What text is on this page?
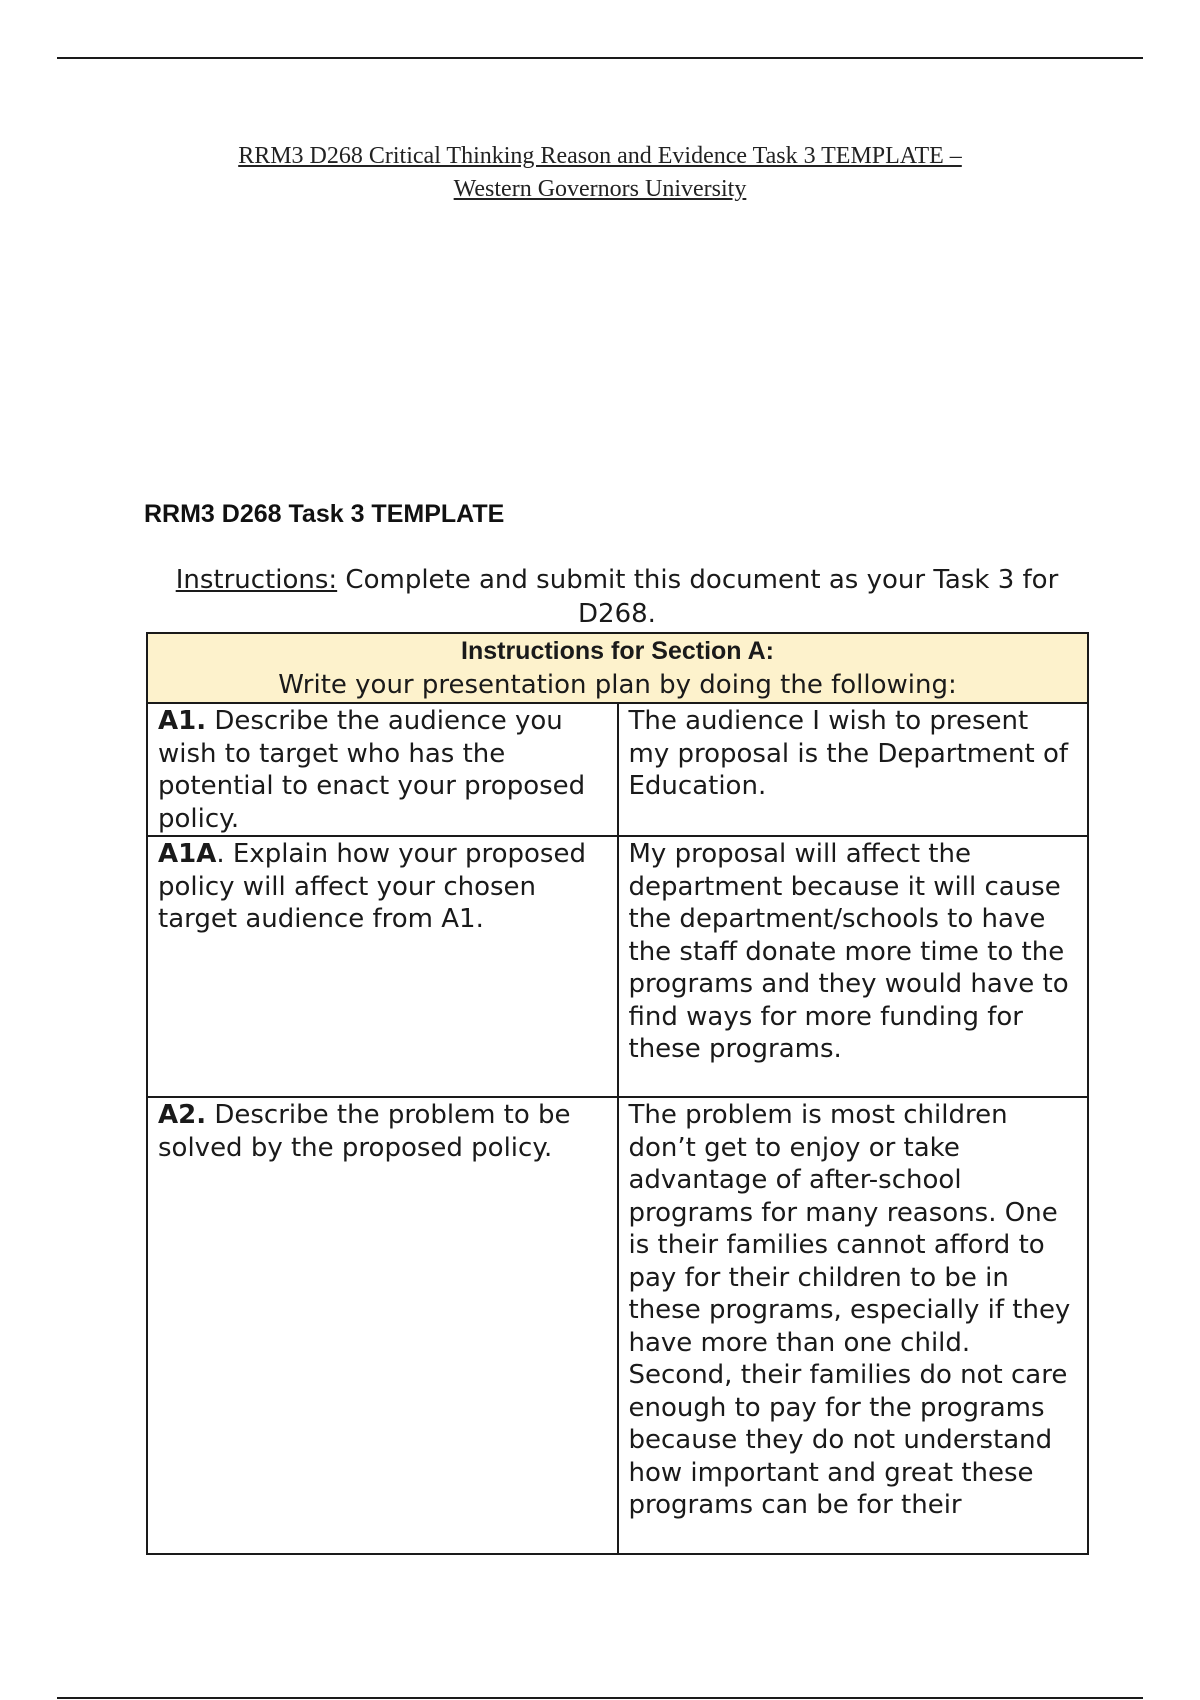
RRM3 D268 Critical Thinking Reason and Evidence Task 3 TEMPLATE –
Western Governors University
RRM3 D268 Task 3 TEMPLATE
Instructions: Complete and submit this document as your Task 3 for D268.
Instructions for Section A:
Write your presentation plan by doing the following:	

A1. Describe the audience you wish to target who has the potential to enact your proposed policy.	The audience I wish to present my proposal is the Department of Education.
A1A. Explain how your proposed policy will affect your chosen target audience from A1.	My proposal will affect the department because it will cause the department/schools to have the staff donate more time to the programs and they would have to find ways for more funding for these programs.
A2. Describe the problem to be solved by the proposed policy.	The problem is most children don’t get to enjoy or take advantage of after-school programs for many reasons. One is their families cannot afford to pay for their children to be in these programs, especially if they have more than one child. Second, their families do not care enough to pay for the programs because they do not understand how important and great these programs can be for their
